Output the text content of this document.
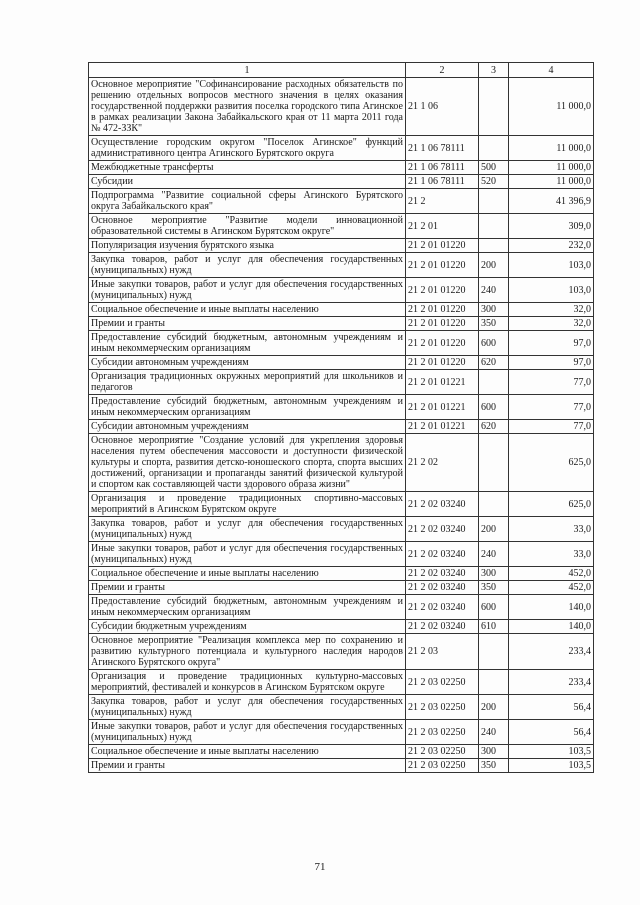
1	2	3	4
Основное мероприятие "Софинансирование расходных обязательств по решению отдельных вопросов местного значения в целях оказания государственной поддержки развития поселка городского типа Агинское в рамках реализации Закона Забайкальского края от 11 марта 2011 года № 472-ЗЗК"	21 1 06		11 000,0
Осуществление городским округом "Поселок Агинское" функций административного центра Агинского Бурятского округа	21 1 06 78111		11 000,0
Межбюджетные трансферты	21 1 06 78111	500	11 000,0
Субсидии	21 1 06 78111	520	11 000,0
Подпрограмма "Развитие социальной сферы Агинского Бурятского округа Забайкальского края"	21 2		41 396,9
Основное мероприятие "Развитие модели инновационной образовательной системы в Агинском Бурятском округе"	21 2 01		309,0
Популяризация изучения бурятского языка	21 2 01 01220		232,0
Закупка товаров, работ и услуг для обеспечения государственных (муниципальных) нужд	21 2 01 01220	200	103,0
Иные закупки товаров, работ и услуг для обеспечения государственных (муниципальных) нужд	21 2 01 01220	240	103,0
Социальное обеспечение и иные выплаты населению	21 2 01 01220	300	32,0
Премии и гранты	21 2 01 01220	350	32,0
Предоставление субсидий бюджетным, автономным учреждениям и иным некоммерческим организациям	21 2 01 01220	600	97,0
Субсидии автономным учреждениям	21 2 01 01220	620	97,0
Организация традиционных окружных мероприятий для школьников и педагогов	21 2 01 01221		77,0
Предоставление субсидий бюджетным, автономным учреждениям и иным некоммерческим организациям	21 2 01 01221	600	77,0
Субсидии автономным учреждениям	21 2 01 01221	620	77,0
Основное мероприятие "Создание условий для укрепления здоровья населения путем обеспечения массовости и доступности физической культуры и спорта, развития детско-юношеского спорта, спорта высших достижений, организации и пропаганды занятий физической культурой и спортом как составляющей части здорового образа жизни"	21 2 02		625,0
Организация и проведение традиционных спортивно-массовых мероприятий в Агинском Бурятском округе	21 2 02 03240		625,0
Закупка товаров, работ и услуг для обеспечения государственных (муниципальных) нужд	21 2 02 03240	200	33,0
Иные закупки товаров, работ и услуг для обеспечения государственных (муниципальных) нужд	21 2 02 03240	240	33,0
Социальное обеспечение и иные выплаты населению	21 2 02 03240	300	452,0
Премии и гранты	21 2 02 03240	350	452,0
Предоставление субсидий бюджетным, автономным учреждениям и иным некоммерческим организациям	21 2 02 03240	600	140,0
Субсидии бюджетным учреждениям	21 2 02 03240	610	140,0
Основное мероприятие "Реализация комплекса мер по сохранению и развитию культурного потенциала и культурного наследия народов Агинского Бурятского округа"	21 2 03		233,4
Организация и проведение традиционных культурно-массовых мероприятий, фестивалей и конкурсов в Агинском Бурятском округе	21 2 03 02250		233,4
Закупка товаров, работ и услуг для обеспечения государственных (муниципальных) нужд	21 2 03 02250	200	56,4
Иные закупки товаров, работ и услуг для обеспечения государственных (муниципальных) нужд	21 2 03 02250	240	56,4
Социальное обеспечение и иные выплаты населению	21 2 03 02250	300	103,5
Премии и гранты	21 2 03 02250	350	103,5
71
